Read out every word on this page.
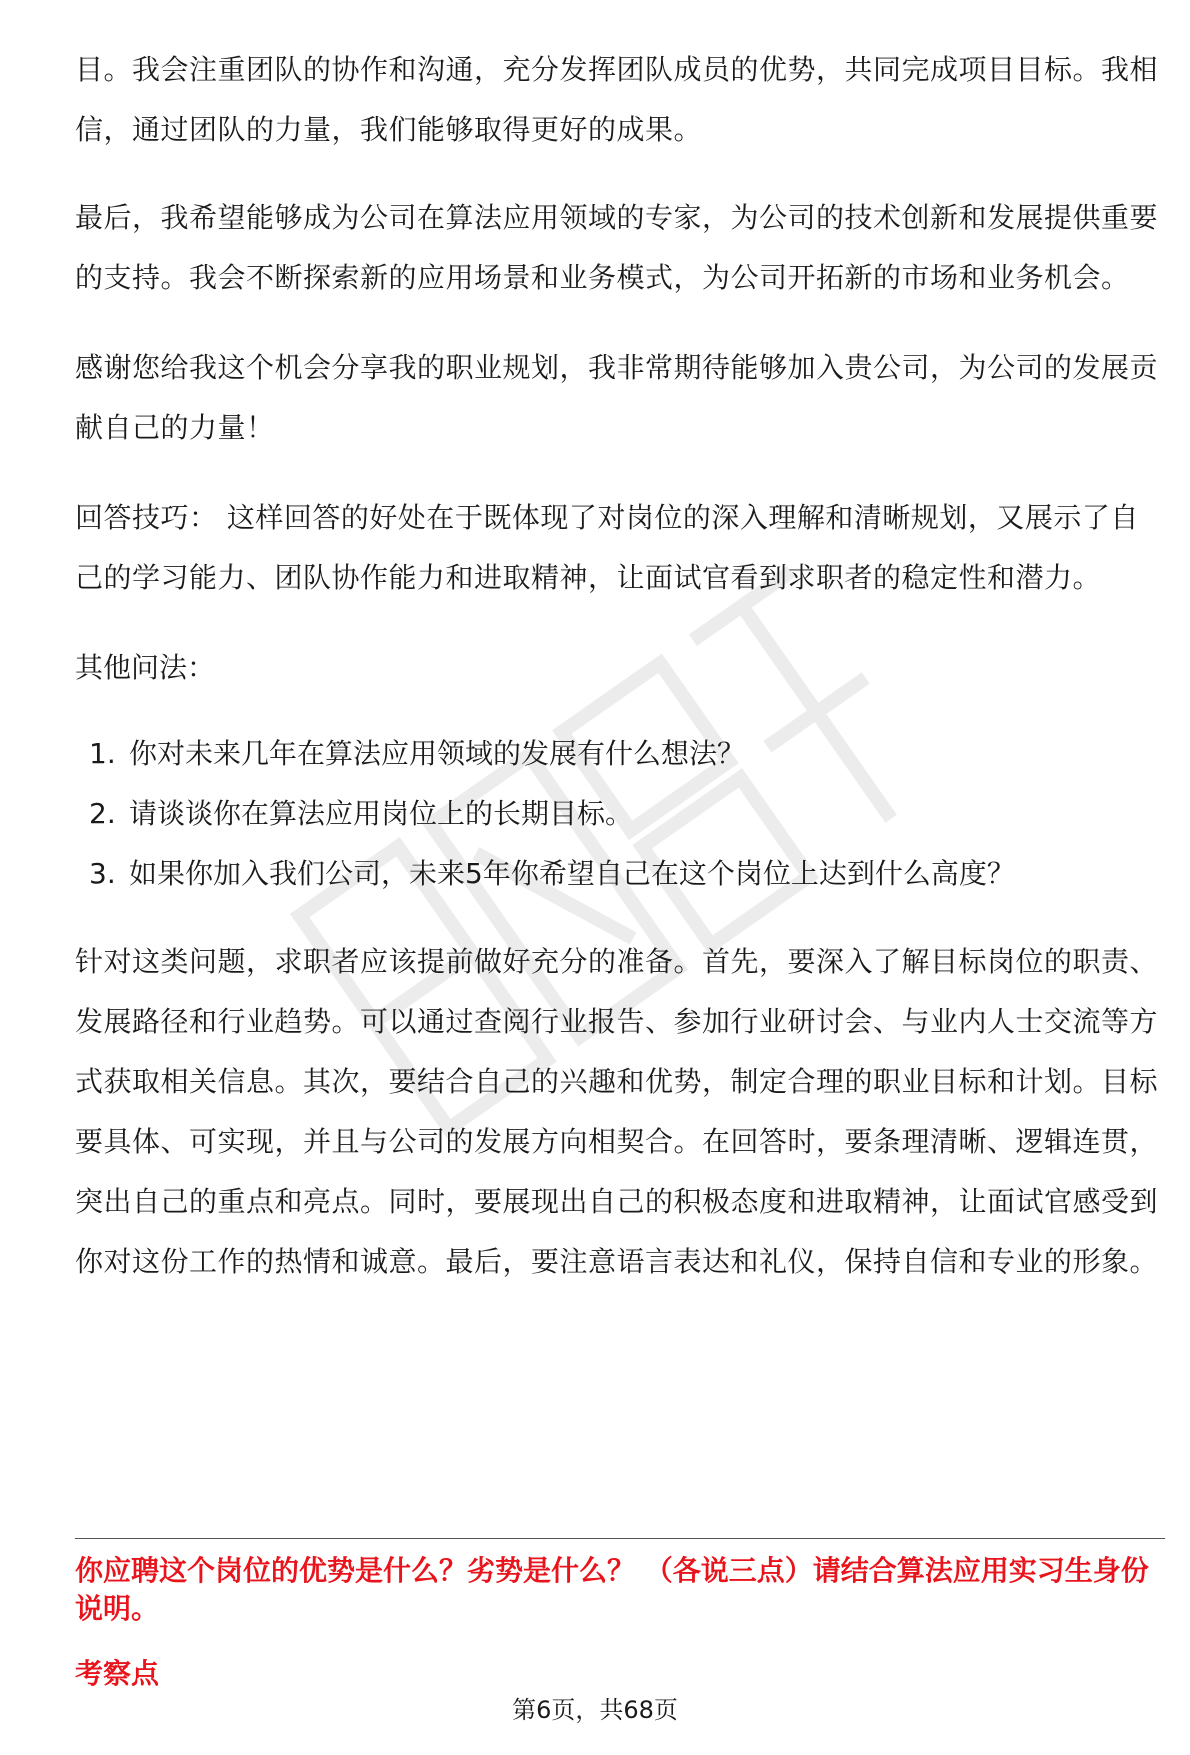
目。我会注重团队的协作和沟通，充分发挥团队成员的优势，共同完成项目目标。我相信，通过团队的力量，我们能够取得更好的成果。

最后，我希望能够成为公司在算法应用领域的专家，为公司的技术创新和发展提供重要的支持。我会不断探索新的应用场景和业务模式，为公司开拓新的市场和业务机会。

感谢您给我这个机会分享我的职业规划，我非常期待能够加入贵公司，为公司的发展贡献自己的力量！

回答技巧： 这样回答的好处在于既体现了对岗位的深入理解和清晰规划，又展示了自己的学习能力、团队协作能力和进取精神，让面试官看到求职者的稳定性和潜力。

其他问法：

1. 你对未来几年在算法应用领域的发展有什么想法？
2. 请谈谈你在算法应用岗位上的长期目标。
3. 如果你加入我们公司，未来5年你希望自己在这个岗位上达到什么高度？

针对这类问题，求职者应该提前做好充分的准备。首先，要深入了解目标岗位的职责、发展路径和行业趋势。可以通过查阅行业报告、参加行业研讨会、与业内人士交流等方式获取相关信息。其次，要结合自己的兴趣和优势，制定合理的职业目标和计划。目标要具体、可实现，并且与公司的发展方向相契合。在回答时，要条理清晰、逻辑连贯，突出自己的重点和亮点。同时，要展现出自己的积极态度和进取精神，让面试官感受到你对这份工作的热情和诚意。最后，要注意语言表达和礼仪，保持自信和专业的形象。

你应聘这个岗位的优势是什么？劣势是什么？ （各说三点）请结合算法应用实习生身份说明。

考察点

第6页，共68页
